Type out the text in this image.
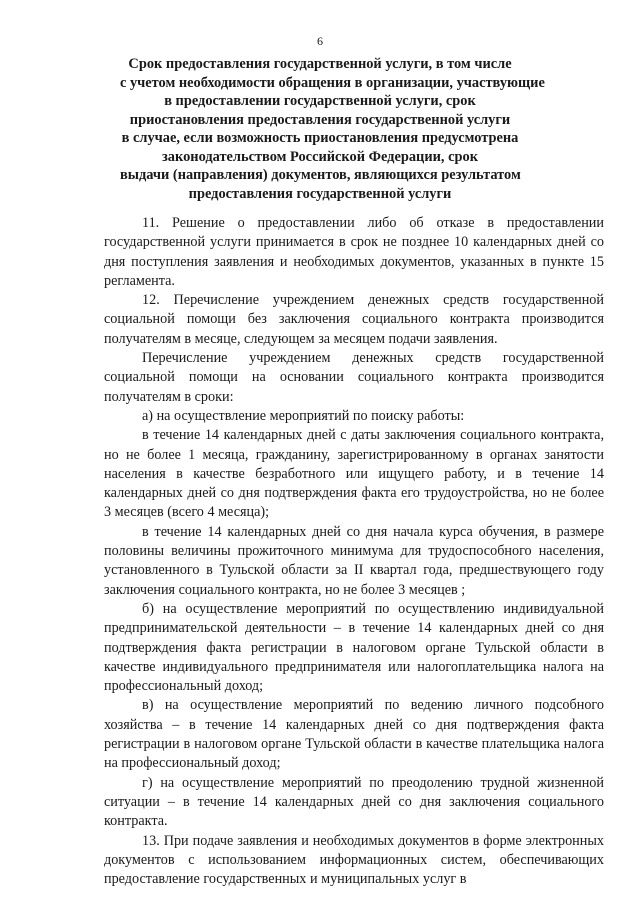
6
Срок предоставления государственной услуги, в том числе
с учетом необходимости обращения в организации, участвующие
в предоставлении государственной услуги, срок
приостановления предоставления государственной услуги
в случае, если возможность приостановления предусмотрена
законодательством Российской Федерации, срок
выдачи (направления) документов, являющихся результатом
предоставления государственной услуги

11. Решение о предоставлении либо об отказе в предоставлении государственной услуги принимается в срок не позднее 10 календарных дней со дня поступления заявления и необходимых документов, указанных в пункте 15 регламента.

12. Перечисление учреждением денежных средств государственной социальной помощи без заключения социального контракта производится получателям в месяце, следующем за месяцем подачи заявления.

Перечисление учреждением денежных средств государственной социальной помощи на основании социального контракта производится получателям в сроки:

а) на осуществление мероприятий по поиску работы:

в течение 14 календарных дней с даты заключения социального контракта, но не более 1 месяца, гражданину, зарегистрированному в органах занятости населения в качестве безработного или ищущего работу, и в течение 14 календарных дней со дня подтверждения факта его трудоустройства, но не более 3 месяцев (всего 4 месяца);

в течение 14 календарных дней со дня начала курса обучения, в размере половины величины прожиточного минимума для трудоспособного населения, установленного в Тульской области за II квартал года, предшествующего году заключения социального контракта, но не более 3 месяцев ;

б) на осуществление мероприятий по осуществлению индивидуальной предпринимательской деятельности – в течение 14 календарных дней со дня подтверждения факта регистрации в налоговом органе Тульской области в качестве индивидуального предпринимателя или налогоплательщика налога на профессиональный доход;

в) на осуществление мероприятий по ведению личного подсобного хозяйства – в течение 14 календарных дней со дня подтверждения факта регистрации в налоговом органе Тульской области в качестве плательщика налога на профессиональный доход;

г) на осуществление мероприятий по преодолению трудной жизненной ситуации – в течение 14 календарных дней со дня заключения социального контракта.

13. При подаче заявления и необходимых документов в форме электронных документов с использованием информационных систем, обеспечивающих предоставление государственных и муниципальных услуг в
